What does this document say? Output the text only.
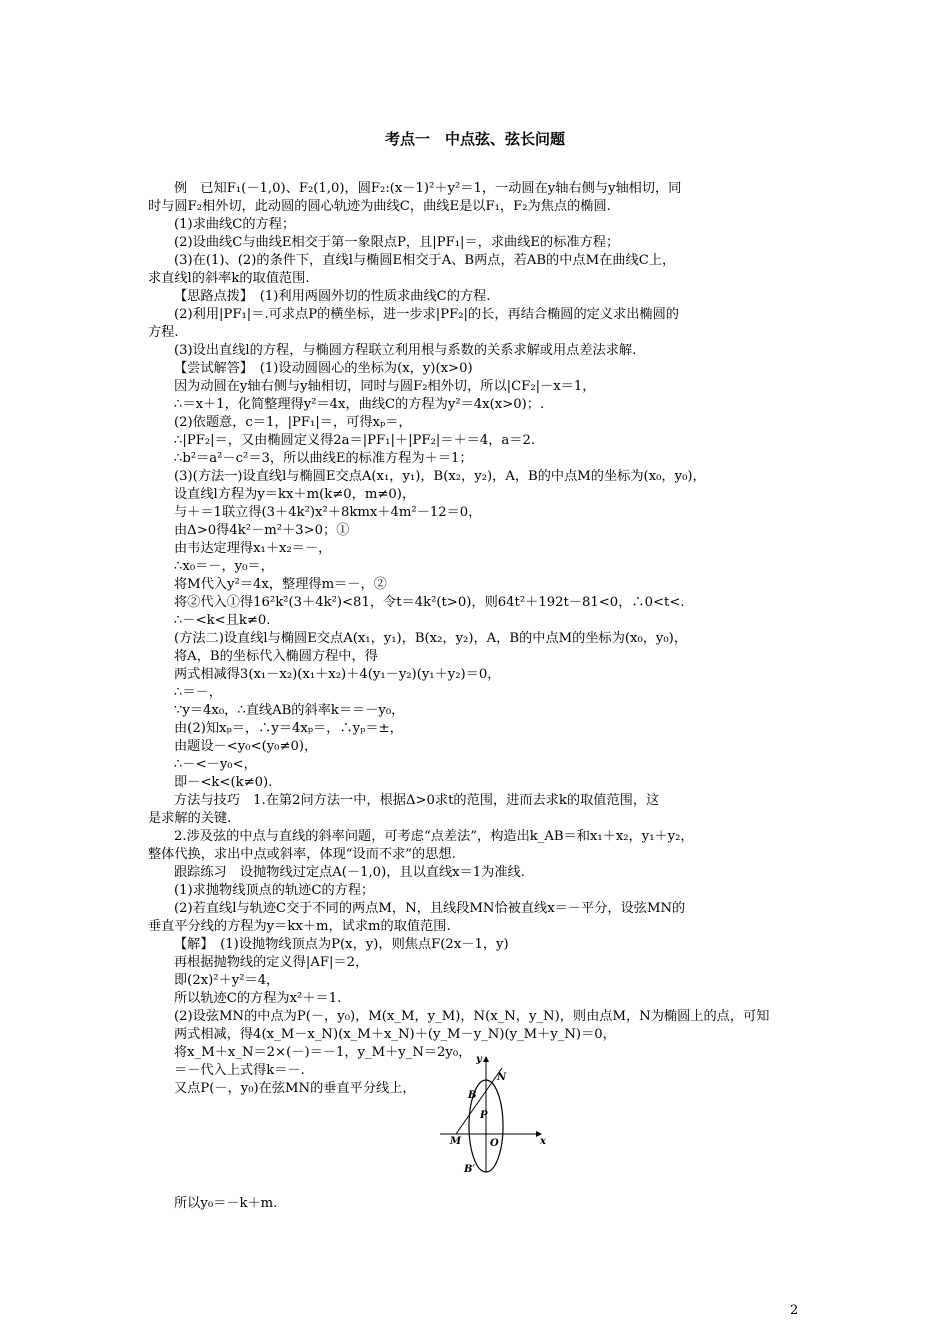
考点一　中点弦、弦长问题
例　已知F₁(－1,0)、F₂(1,0)，圆F₂:(x－1)²＋y²＝1，一动圆在y轴右侧与y轴相切，同
时与圆F₂相外切，此动圆的圆心轨迹为曲线C，曲线E是以F₁，F₂为焦点的椭圆.
(1)求曲线C的方程；
(2)设曲线C与曲线E相交于第一象限点P，且|PF₁|＝，求曲线E的标准方程；
(3)在(1)、(2)的条件下，直线l与椭圆E相交于A、B两点，若AB的中点M在曲线C上，
求直线l的斜率k的取值范围.
【思路点拨】　(1)利用两圆外切的性质求曲线C的方程.
(2)利用|PF₁|＝.可求点P的横坐标，进一步求|PF₂|的长，再结合椭圆的定义求出椭圆的
方程.
(3)设出直线l的方程，与椭圆方程联立利用根与系数的关系求解或用点差法求解.
【尝试解答】　(1)设动圆圆心的坐标为(x，y)(x>0)
因为动圆在y轴右侧与y轴相切，同时与圆F₂相外切，所以|CF₂|－x＝1，
∴＝x＋1，化简整理得y²＝4x，曲线C的方程为y²＝4x(x>0)；.
(2)依题意，c＝1，|PF₁|＝，可得xₚ＝，
∴|PF₂|＝，又由椭圆定义得2a＝|PF₁|＋|PF₂|＝＋＝4，a＝2.
∴b²＝a²－c²＝3，所以曲线E的标准方程为＋＝1；
(3)(方法一)设直线l与椭圆E交点A(x₁，y₁)，B(x₂，y₂)，A，B的中点M的坐标为(x₀，y₀)，
设直线l方程为y＝kx＋m(k≠0，m≠0)，
与＋＝1联立得(3＋4k²)x²＋8kmx＋4m²－12＝0，
由Δ>0得4k²－m²＋3>0；①
由韦达定理得x₁＋x₂＝－，
∴x₀＝－，y₀＝，
将M代入y²＝4x，整理得m＝－，②
将②代入①得16²k²(3＋4k²)<81，令t＝4k²(t>0)，则64t²＋192t－81<0，∴0<t<.
∴－<k<且k≠0.
(方法二)设直线l与椭圆E交点A(x₁，y₁)，B(x₂，y₂)，A，B的中点M的坐标为(x₀，y₀)，
将A，B的坐标代入椭圆方程中，得
两式相减得3(x₁－x₂)(x₁＋x₂)＋4(y₁－y₂)(y₁＋y₂)＝0，
∴＝－，
∵y＝4x₀，∴直线AB的斜率k＝＝－y₀，
由(2)知xₚ＝，∴y＝4xₚ＝，∴yₚ＝±，
由题设－<y₀<(y₀≠0)，
∴－<－y₀<，
即－<k<(k≠0).
方法与技巧　1.在第2问方法一中，根据Δ>0求t的范围，进而去求k的取值范围，这
是求解的关键.
2.涉及弦的中点与直线的斜率问题，可考虑“点差法”，构造出k_AB＝和x₁＋x₂，y₁＋y₂，
整体代换，求出中点或斜率，体现“设而不求”的思想.
跟踪练习　设抛物线过定点A(－1,0)，且以直线x＝1为准线.
(1)求抛物线顶点的轨迹C的方程；
(2)若直线l与轨迹C交于不同的两点M，N，且线段MN恰被直线x＝－平分，设弦MN的
垂直平分线的方程为y＝kx＋m，试求m的取值范围.
【解】　(1)设抛物线顶点为P(x，y)，则焦点F(2x－1，y)
再根据抛物线的定义得|AF|＝2，
即(2x)²＋y²＝4，
所以轨迹C的方程为x²＋＝1.
(2)设弦MN的中点为P(－，y₀)，M(x_M，y_M)，N(x_N，y_N)，则由点M，N为椭圆上的点，可知
两式相减，得4(x_M－x_N)(x_M＋x_N)＋(y_M－y_N)(y_M＋y_N)＝0，
将x_M＋x_N＝2×(－)＝－1，y_M＋y_N＝2y₀，
＝－代入上式得k＝－.
又点P(－，y₀)在弦MN的垂直平分线上，
y
x
B
N
P
M	O
B′
所以y₀＝－k＋m.
2
